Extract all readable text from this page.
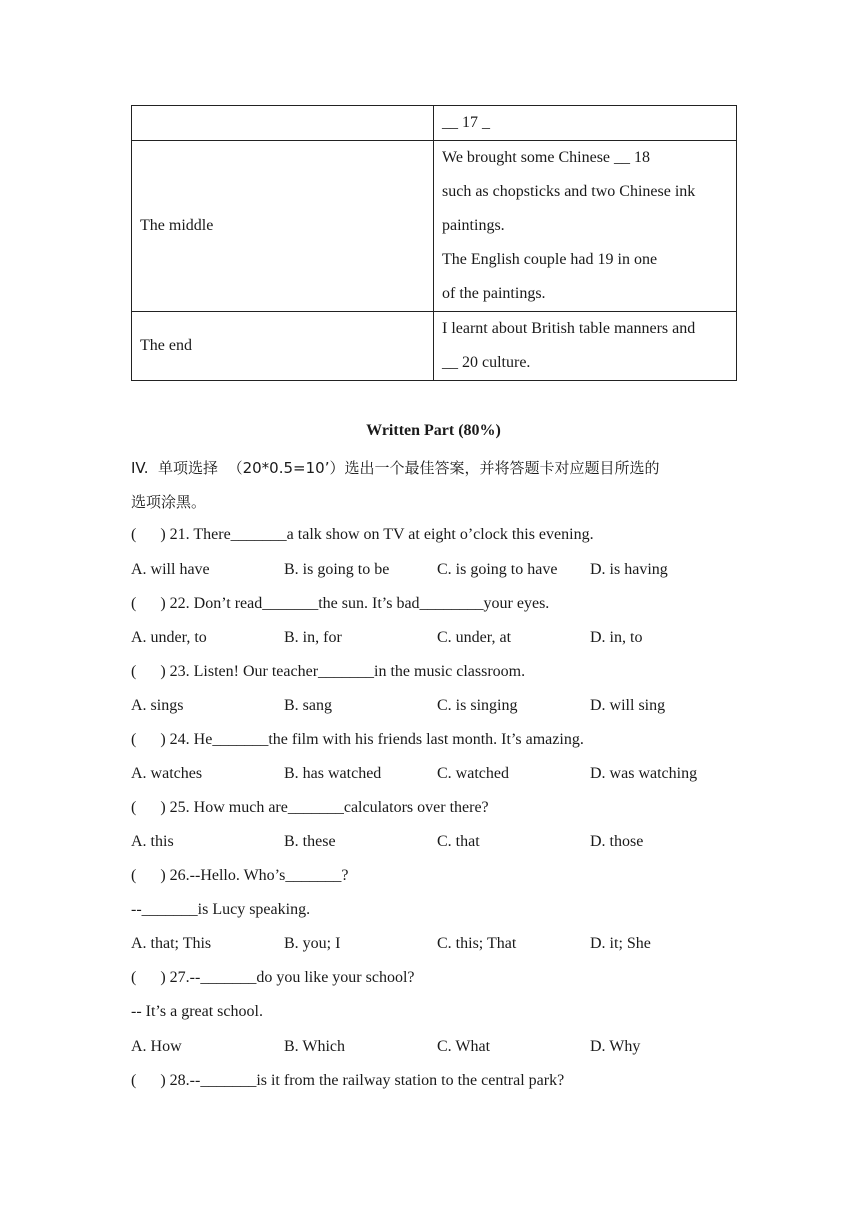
	__ 17 _

The middle	We brought some Chinese __ 18
such as chopsticks and two Chinese ink
paintings.
The English couple had 19 in one
of the paintings.

The end	I learnt about British table manners and
__ 20 culture.
Written Part (80%)
IV.  单项选择  （20*0.5=10’）选出一个最佳答案，并将答题卡对应题目所选的
选项涂黑。
(      ) 21. There_______a talk show on TV at eight o’clock this evening.
A. will have	B. is going to be	C. is going to have D. is having
(      ) 22. Don’t read_______the sun. It’s bad________your eyes.
A. under, to	B. in, for	C. under, at	D. in, to
(      ) 23. Listen! Our teacher_______in the music classroom.
A. sings	B. sang	C. is singing	D. will sing
(      ) 24. He_______the film with his friends last month. It’s amazing.
A. watches	B. has watched	C. watched	D. was watching
(      ) 25. How much are_______calculators over there?
A. this	B. these	C. that	D. those
(      ) 26.--Hello. Who’s_______?
--_______is Lucy speaking.
A. that; This	B. you; I	C. this; That	D. it; She
(      ) 27.--_______do you like your school?
-- It’s a great school.
A. How	B. Which	C. What	D. Why
(      ) 28.--_______is it from the railway station to the central park?
